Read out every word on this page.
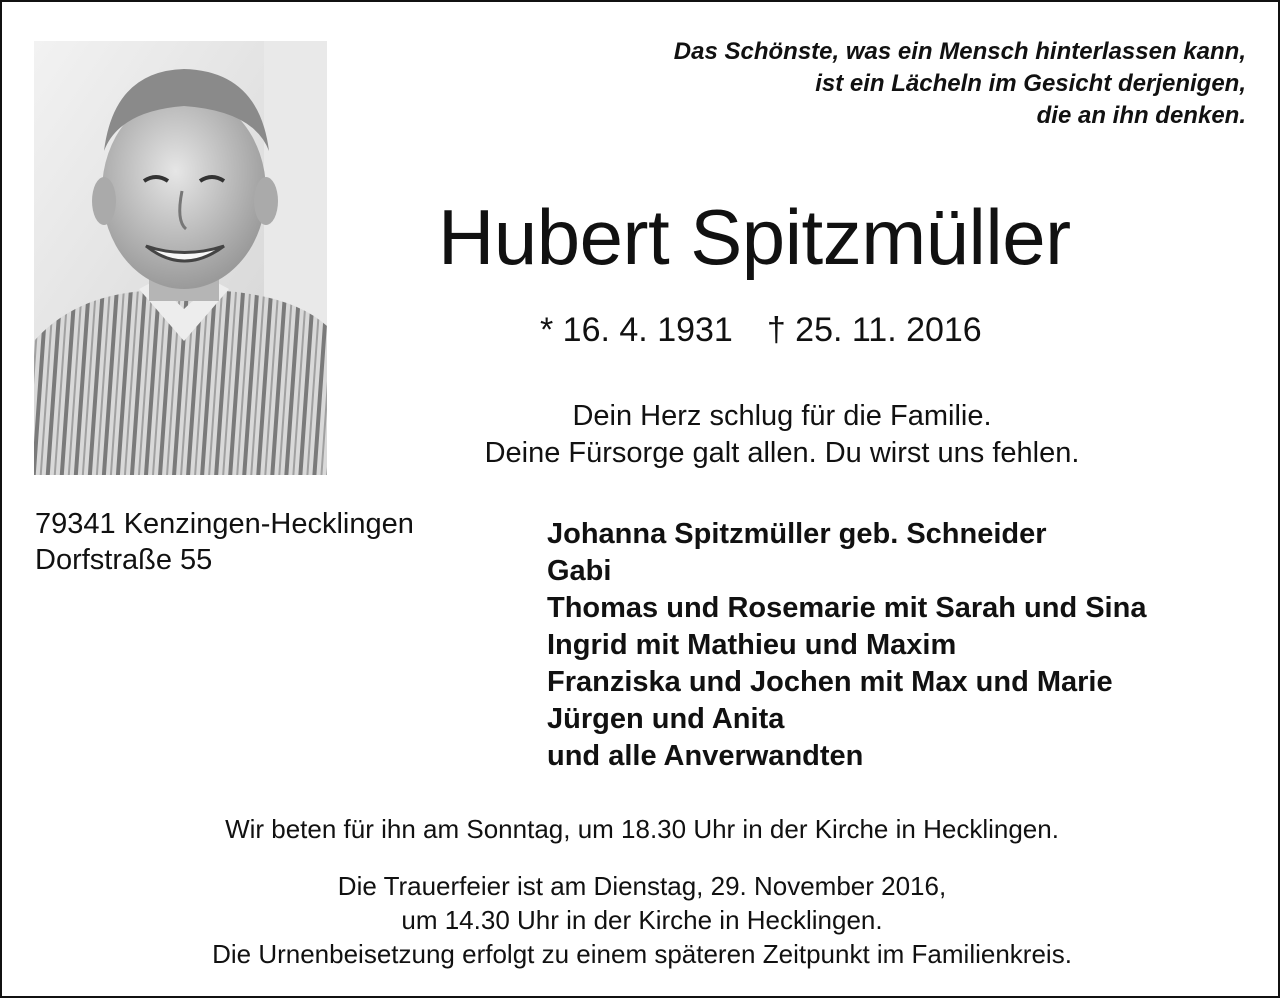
Das Schönste, was ein Mensch hinterlassen kann,
ist ein Lächeln im Gesicht derjenigen,
die an ihn denken.
Hubert Spitzmüller
* 16. 4. 1931 † 25. 11. 2016
Dein Herz schlug für die Familie.
Deine Fürsorge galt allen. Du wirst uns fehlen.
79341 Kenzingen-Hecklingen
Dorfstraße 55
Johanna Spitzmüller geb. Schneider
Gabi
Thomas und Rosemarie mit Sarah und Sina
Ingrid mit Mathieu und Maxim
Franziska und Jochen mit Max und Marie
Jürgen und Anita
und alle Anverwandten
Wir beten für ihn am Sonntag, um 18.30 Uhr in der Kirche in Hecklingen.
Die Trauerfeier ist am Dienstag, 29. November 2016,
um 14.30 Uhr in der Kirche in Hecklingen.
Die Urnenbeisetzung erfolgt zu einem späteren Zeitpunkt im Familienkreis.
